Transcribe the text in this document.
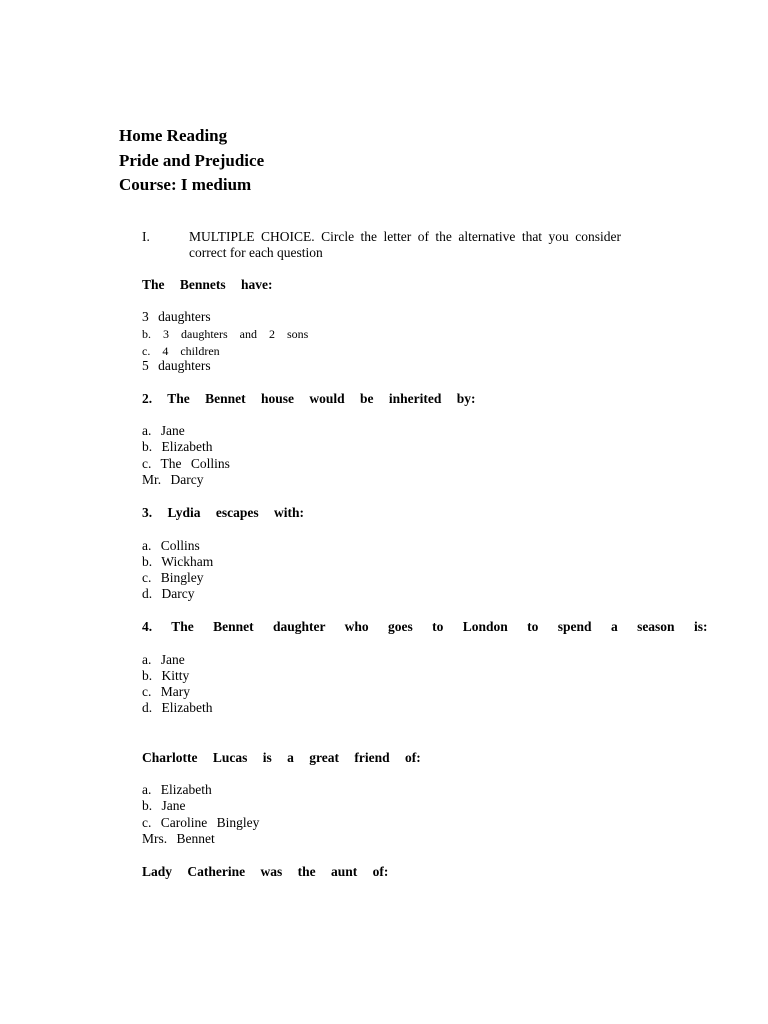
Home Reading
Pride and Prejudice
Course: I medium
I.	MULTIPLE CHOICE. Circle the letter of the alternative that you consider correct for each question
The Bennets have:
3 daughters
b. 3 daughters and 2 sons
c. 4 children
5 daughters
2. The Bennet house would be inherited by:
a. Jane
b. Elizabeth
c. The Collins
Mr. Darcy
3. Lydia escapes with:
a. Collins
b. Wickham
c. Bingley
d. Darcy
4. The Bennet daughter who goes to London to spend a season is:
a. Jane
b. Kitty
c. Mary
d. Elizabeth
Charlotte Lucas is a great friend of:
a. Elizabeth
b. Jane
c. Caroline Bingley
Mrs. Bennet
Lady Catherine was the aunt of:
